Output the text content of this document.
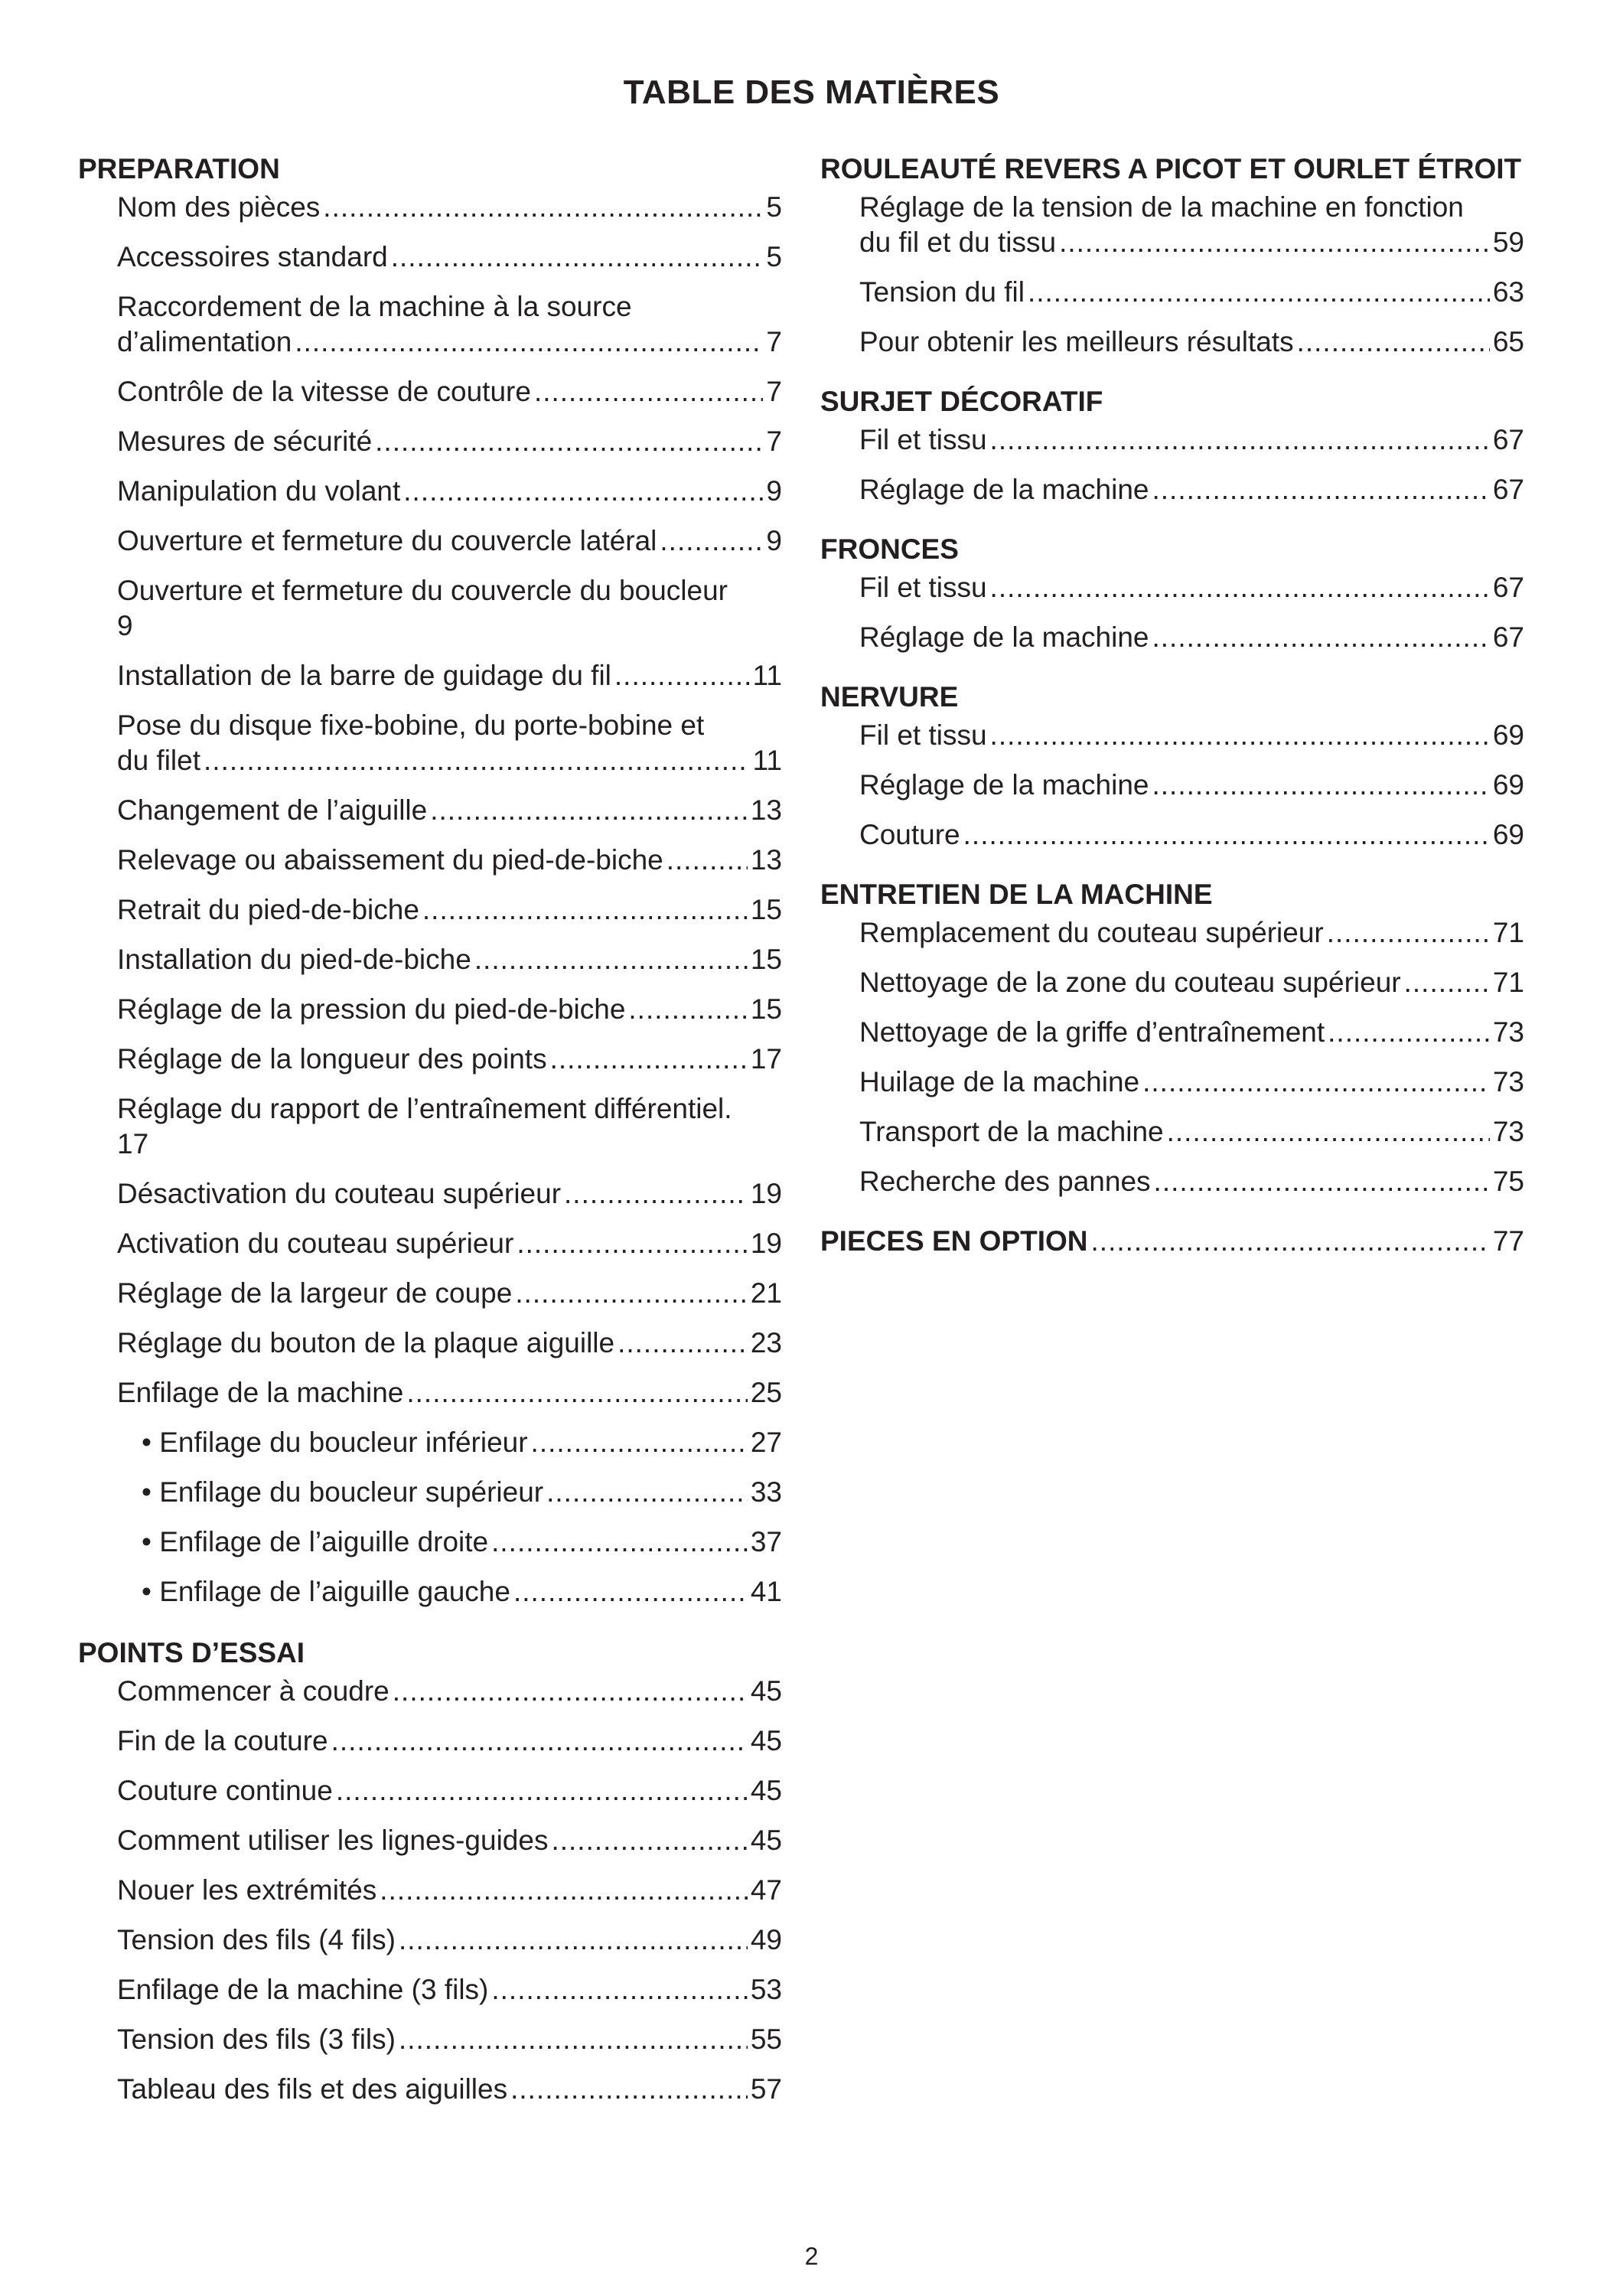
TABLE DES MATIÈRES
PREPARATION
Nom des pièces .....	5
Accessoires standard .....	5
Raccordement de la machine à la source
d’alimentation .....	7
Contrôle de la vitesse de couture .....	7
Mesures de sécurité .....	7
Manipulation du volant .....	9
Ouverture et fermeture du couvercle latéral .....	9
Ouverture et fermeture du couvercle du boucleur
9
Installation de la barre de guidage du fil .....	11
Pose du disque fixe-bobine, du porte-bobine et
du filet .....	11
Changement de l’aiguille .....	13
Relevage ou abaissement du pied-de-biche .....	13
Retrait du pied-de-biche .....	15
Installation du pied-de-biche .....	15
Réglage de la pression du pied-de-biche .....	15
Réglage de la longueur des points .....	17
Réglage du rapport de l’entraînement différentiel.
17
Désactivation du couteau supérieur .....	19
Activation du couteau supérieur .....	19
Réglage de la largeur de coupe .....	21
Réglage du bouton de la plaque aiguille .....	23
Enfilage de la machine .....	25
• Enfilage du boucleur inférieur .....	27
• Enfilage du boucleur supérieur .....	33
• Enfilage de l’aiguille droite .....	37
• Enfilage de l’aiguille gauche .....	41
POINTS D’ESSAI
Commencer à coudre .....	45
Fin de la couture .....	45
Couture continue .....	45
Comment utiliser les lignes-guides .....	45
Nouer les extrémités .....	47
Tension des fils (4 fils) .....	49
Enfilage de la machine (3 fils) .....	53
Tension des fils (3 fils) .....	55
Tableau des fils et des aiguilles .....	57
ROULEAUTÉ REVERS A PICOT ET OURLET ÉTROIT
Réglage de la tension de la machine en fonction
du fil et du tissu .....	59
Tension du fil .....	63
Pour obtenir les meilleurs résultats .....	65
SURJET DÉCORATIF
Fil et tissu .....	67
Réglage de la machine .....	67
FRONCES
Fil et tissu .....	67
Réglage de la machine .....	67
NERVURE
Fil et tissu .....	69
Réglage de la machine .....	69
Couture .....	69
ENTRETIEN DE LA MACHINE
Remplacement du couteau supérieur .....	71
Nettoyage de la zone du couteau supérieur .....	71
Nettoyage de la griffe d’entraînement .....	73
Huilage de la machine .....	73
Transport de la machine .....	73
Recherche des pannes .....	75
PIECES EN OPTION .....	77
2
